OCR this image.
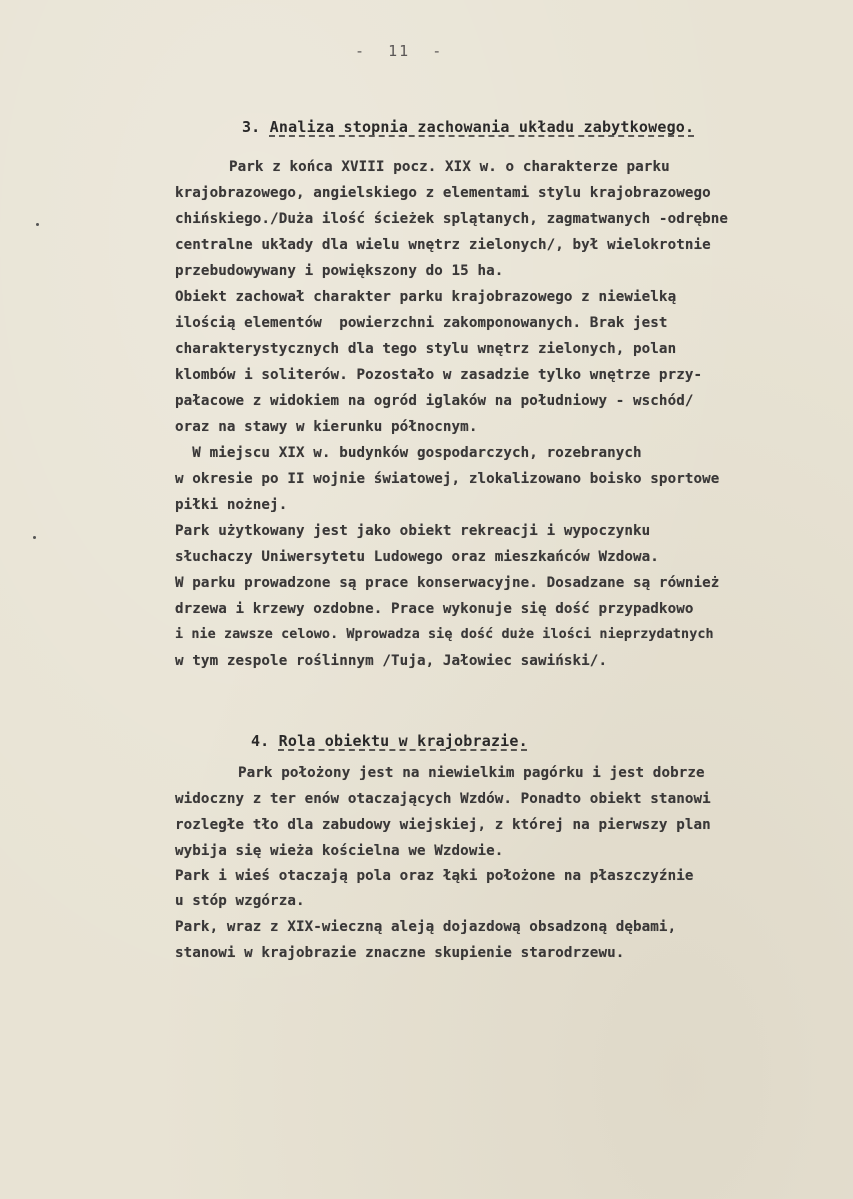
-  11  -

3. Analiza stopnia zachowania układu zabytkowego.

Park z końca XVIII pocz. XIX w. o charakterze parku
krajobrazowego, angielskiego z elementami stylu krajobrazowego
chińskiego./Duża ilość ścieżek splątanych, zagmatwanych -odrębne
centralne układy dla wielu wnętrz zielonych/, był wielokrotnie
przebudowywany i powiększony do 15 ha.
Obiekt zachował charakter parku krajobrazowego z niewielką
ilością elementów  powierzchni zakomponowanych. Brak jest
charakterystycznych dla tego stylu wnętrz zielonych, polan
klombów i soliterów. Pozostało w zasadzie tylko wnętrze przy-
pałacowe z widokiem na ogród iglaków na południowy - wschód/
oraz na stawy w kierunku północnym.
W miejscu XIX w. budynków gospodarczych, rozebranych
w okresie po II wojnie światowej, zlokalizowano boisko sportowe
piłki nożnej.
Park użytkowany jest jako obiekt rekreacji i wypoczynku
słuchaczy Uniwersytetu Ludowego oraz mieszkańców Wzdowa.
W parku prowadzone są prace konserwacyjne. Dosadzane są również
drzewa i krzewy ozdobne. Prace wykonuje się dość przypadkowo
i nie zawsze celowo. Wprowadza się dość duże ilości nieprzydatnych
w tym zespole roślinnym /Tuja, Jałowiec sawiński/.

4. Rola obiektu w krajobrazie.

Park położony jest na niewielkim pagórku i jest dobrze
widoczny z ter enów otaczających Wzdów. Ponadto obiekt stanowi
rozległe tło dla zabudowy wiejskiej, z której na pierwszy plan
wybija się wieża kościelna we Wzdowie.
Park i wieś otaczają pola oraz łąki położone na płaszczyźnie
u stóp wzgórza.
Park, wraz z XIX-wieczną aleją dojazdową obsadzoną dębami,
stanowi w krajobrazie znaczne skupienie starodrzewu.
